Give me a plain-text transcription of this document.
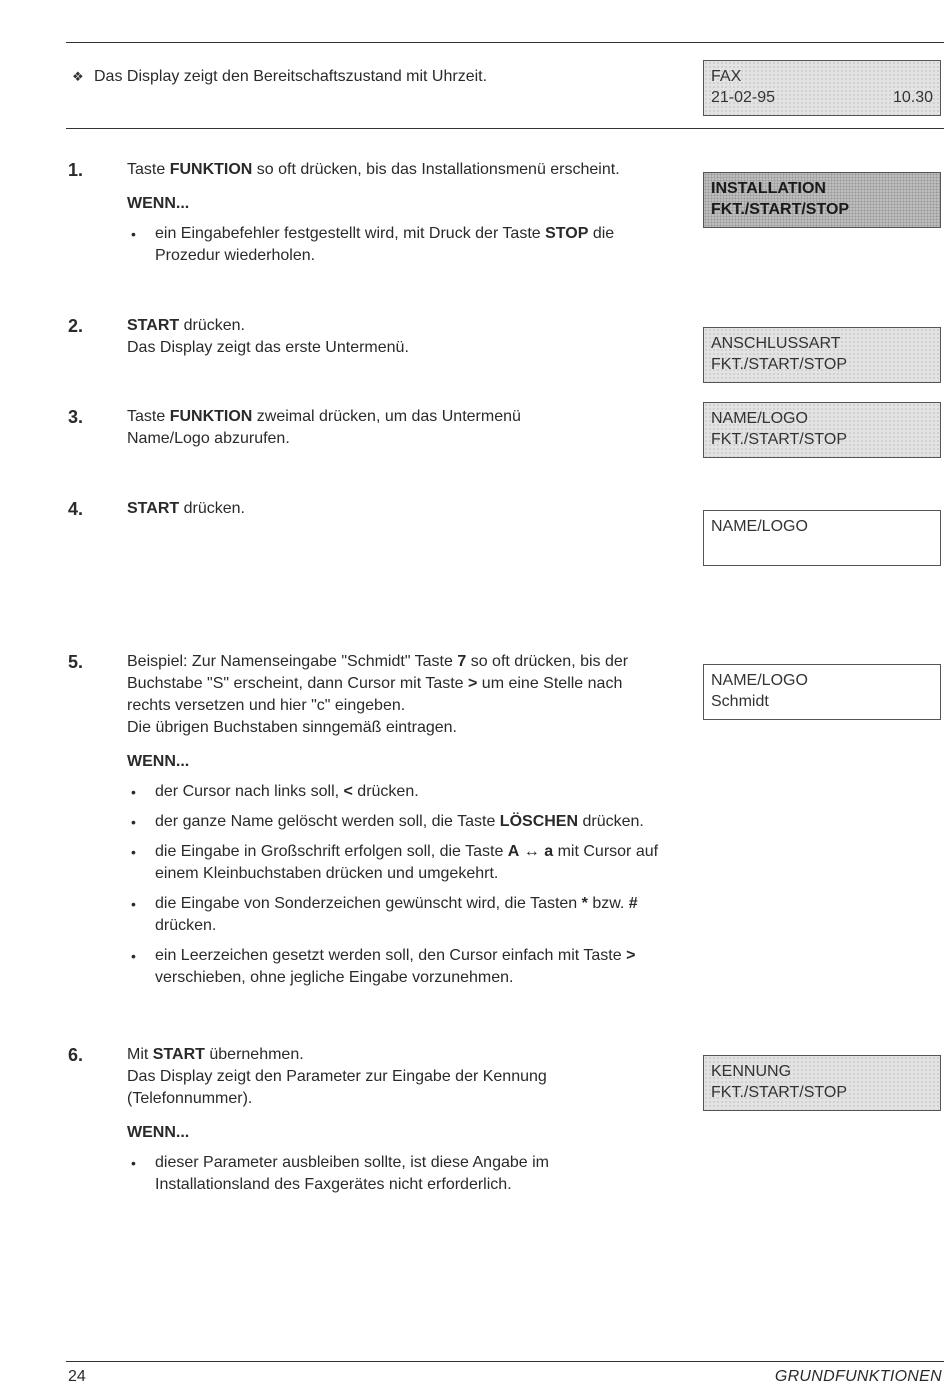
❖ Das Display zeigt den Bereitschaftszustand mit Uhrzeit.	FAX
21-02-95	10.30
1.	Taste FUNKTION so oft drücken, bis das Installationsmenü erscheint.

WENN...

• ein Eingabefehler festgestellt wird, mit Druck der Taste STOP die Prozedur wiederholen.

INSTALLATION
FKT./START/STOP
2.	START drücken.

Das Display zeigt das erste Untermenü.	ANSCHLUSSART
FKT./START/STOP
3.	Taste FUNKTION zweimal drücken, um das Untermenü Name/Logo abzurufen.

NAME/LOGO
FKT./START/STOP
4.	START drücken.

NAME/LOGO
5.	Beispiel: Zur Namenseingabe "Schmidt" Taste 7 so oft drücken, bis der Buchstabe "S" erscheint, dann Cursor mit Taste > um eine Stelle nach rechts versetzen und hier "c" eingeben.

Die übrigen Buchstaben sinngemäß eintragen.

WENN...

• der Cursor nach links soll, < drücken.

• der ganze Name gelöscht werden soll, die Taste LÖSCHEN drücken.

• die Eingabe in Großschrift erfolgen soll, die Taste A ↔ a mit Cursor auf einem Kleinbuchstaben drücken und umgekehrt.

• die Eingabe von Sonderzeichen gewünscht wird, die Tasten * bzw. # drücken.

• ein Leerzeichen gesetzt werden soll, den Cursor einfach mit Taste > verschieben, ohne jegliche Eingabe vorzunehmen.

NAME/LOGO
Schmidt
6.	Mit START übernehmen.

Das Display zeigt den Parameter zur Eingabe der Kennung (Telefonnummer).

WENN...

• dieser Parameter ausbleiben sollte, ist diese Angabe im Installationsland des Faxgerätes nicht erforderlich.

KENNUNG
FKT./START/STOP
24	GRUNDFUNKTIONEN
